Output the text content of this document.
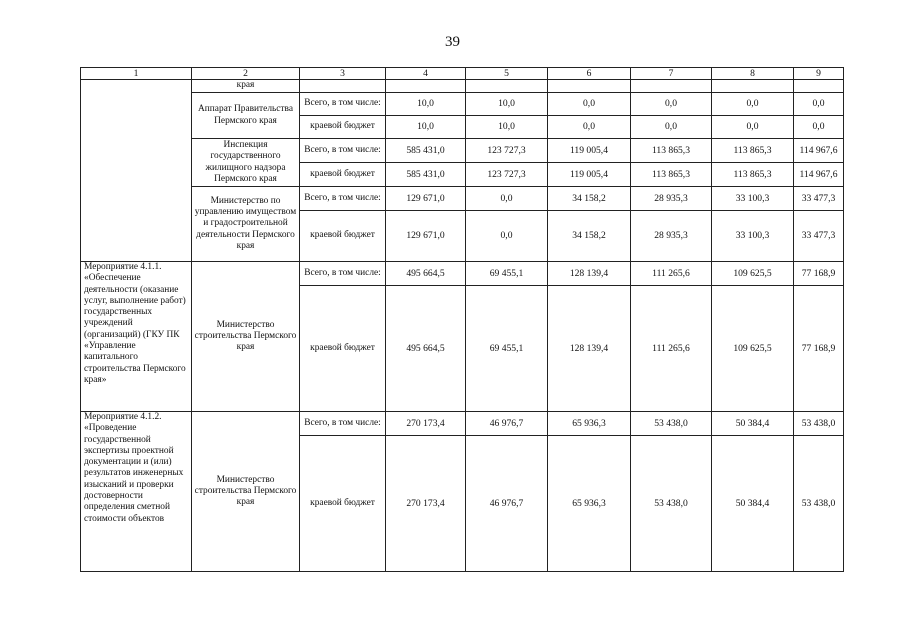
39
1	2	3	4	5	6	7	8	9
	края							
	Аппарат Правительства Пермского края	Всего, в том числе:	10,0	10,0	0,0	0,0	0,0	0,0
		краевой бюджет	10,0	10,0	0,0	0,0	0,0	0,0
	Инспекция государственного жилищного надзора Пермского края	Всего, в том числе:	585 431,0	123 727,3	119 005,4	113 865,3	113 865,3	114 967,6
		краевой бюджет	585 431,0	123 727,3	119 005,4	113 865,3	113 865,3	114 967,6
	Министерство по управлению имуществом и градостроительной деятельности Пермского края	Всего, в том числе:	129 671,0	0,0	34 158,2	28 935,3	33 100,3	33 477,3
		краевой бюджет	129 671,0	0,0	34 158,2	28 935,3	33 100,3	33 477,3
Мероприятие 4.1.1. «Обеспечение деятельности (оказание услуг, выполнение работ) государственных учреждений (организаций) (ГКУ ПК «Управление капитального строительства Пермского края»	Министерство строительства Пермского края	Всего, в том числе:	495 664,5	69 455,1	128 139,4	111 265,6	109 625,5	77 168,9
		краевой бюджет	495 664,5	69 455,1	128 139,4	111 265,6	109 625,5	77 168,9
Мероприятие 4.1.2. «Проведение государственной экспертизы проектной документации и (или) результатов инженерных изысканий и проверки достоверности определения сметной стоимости объектов	Министерство строительства Пермского края	Всего, в том числе:	270 173,4	46 976,7	65 936,3	53 438,0	50 384,4	53 438,0
		краевой бюджет	270 173,4	46 976,7	65 936,3	53 438,0	50 384,4	53 438,0
